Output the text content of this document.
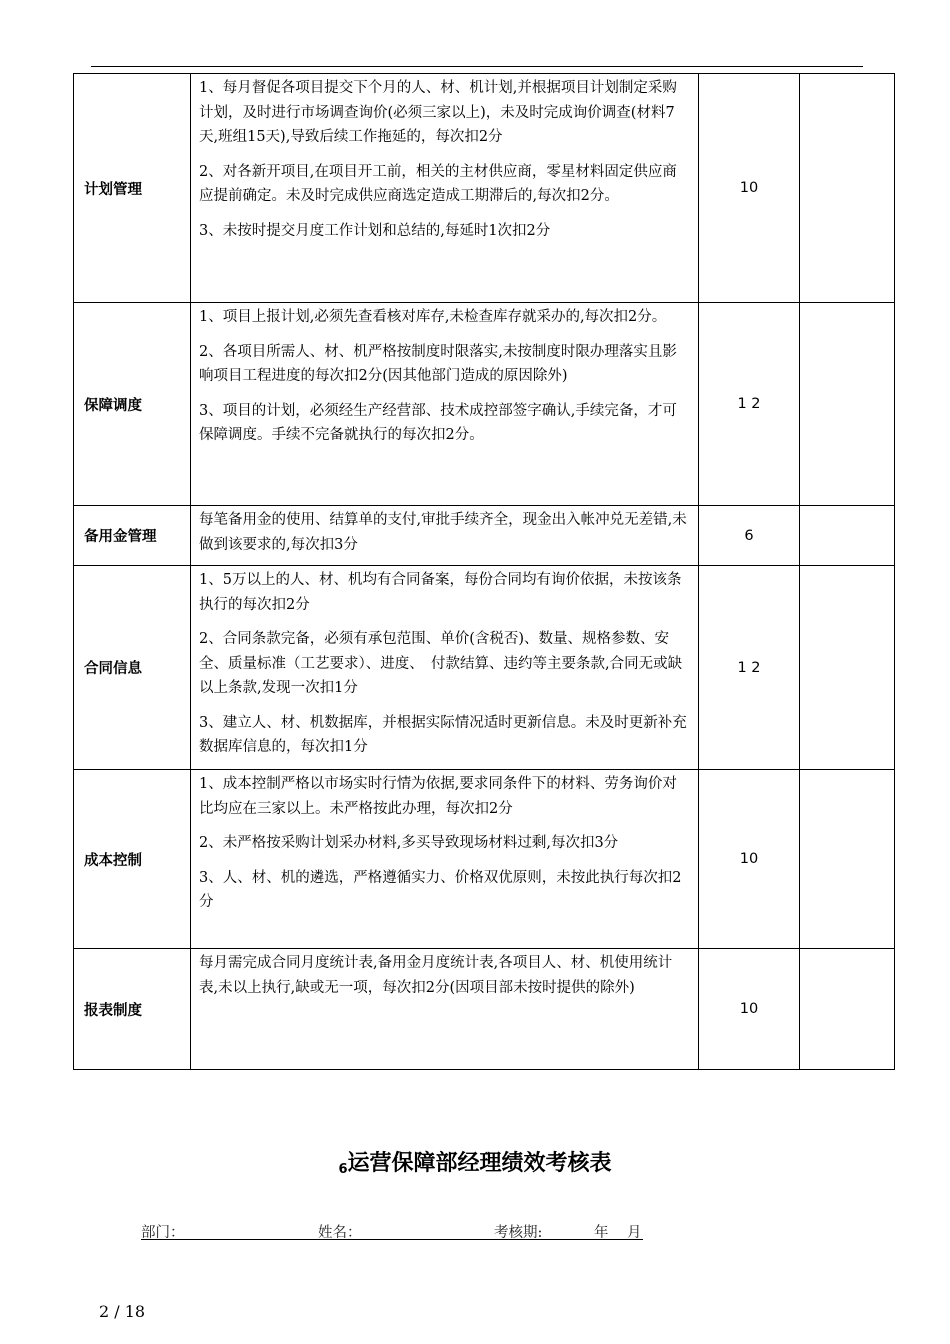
计划管理	1、每月督促各项目提交下个月的人、材、机计划,并根据项目计划制定采购计划，及时进行市场调查询价(必须三家以上)，未及时完成询价调查(材料7天,班组15天),导致后续工作拖延的，每次扣2分

2、对各新开项目,在项目开工前，相关的主材供应商，零星材料固定供应商应提前确定。未及时完成供应商选定造成工期滞后的,每次扣2分。

3、未按时提交月度工作计划和总结的,每延时1次扣2分	10	
保障调度	1、项目上报计划,必须先查看核对库存,未检查库存就采办的,每次扣2分。

2、各项目所需人、材、机严格按制度时限落实,未按制度时限办理落实且影响项目工程进度的每次扣2分(因其他部门造成的原因除外)

3、项目的计划，必须经生产经营部、技术成控部签字确认,手续完备，才可保障调度。手续不完备就执行的每次扣2分。	1 2	
备用金管理	每笔备用金的使用、结算单的支付,审批手续齐全，现金出入帐冲兑无差错,未做到该要求的,每次扣3分	6	
合同信息	1、5万以上的人、材、机均有合同备案，每份合同均有询价依据，未按该条执行的每次扣2分

2、合同条款完备，必须有承包范围、单价(含税否)、数量、规格参数、安全、质量标准（工艺要求）、进度、　付款结算、违约等主要条款,合同无或缺以上条款,发现一次扣1分

3、建立人、材、机数据库，并根据实际情况适时更新信息。未及时更新补充数据库信息的，每次扣1分	1 2	
成本控制	1、成本控制严格以市场实时行情为依据,要求同条件下的材料、劳务询价对比均应在三家以上。未严格按此办理，每次扣2分

2、未严格按采购计划采办材料,多买导致现场材料过剩,每次扣3分

3、人、材、机的遴选，严格遵循实力、价格双优原则，未按此执行每次扣2分	10	
报表制度	每月需完成合同月度统计表,备用金月度统计表,各项目人、材、机使用统计表,未以上执行,缺或无一项，每次扣2分(因项目部未按时提供的除外)	10	
6运营保障部经理绩效考核表
部门：	姓名：	考核期:	年 月
2 / 18
